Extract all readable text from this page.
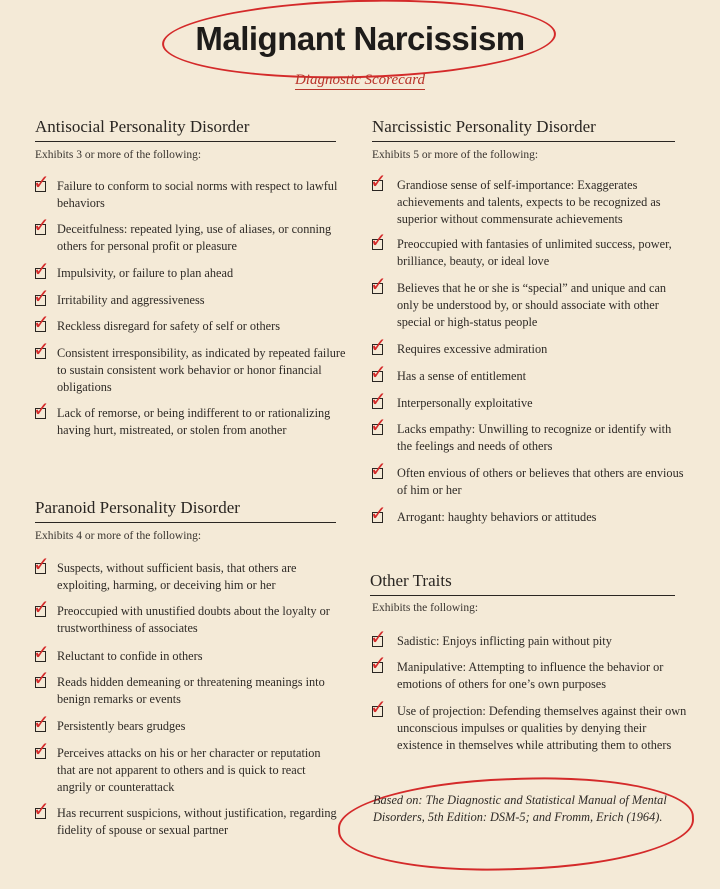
Malignant Narcissism
Diagnostic Scorecard
Antisocial Personality Disorder
Exhibits 3 or more of the following:
Paranoid Personality Disorder
Exhibits 4 or more of the following:
Narcissistic Personality Disorder
Exhibits 5 or more of the following:
Other Traits
Exhibits the following:
Based on: The Diagnostic and Statistical Manual of Mental Disorders, 5th Edition: DSM-5; and Fromm, Erich (1964).
✓ Failure to conform to social norms with respect to lawful behaviors
✓ Deceitfulness: repeated lying, use of aliases, or conning others for personal profit or pleasure
✓ Impulsivity, or failure to plan ahead
✓ Irritability and aggressiveness
✓ Reckless disregard for safety of self or others
✓ Consistent irresponsibility, as indicated by repeated failure to sustain consistent work behavior or honor financial obligations
✓ Lack of remorse, or being indifferent to or rationalizing having hurt, mistreated, or stolen from another
✓ Suspects, without sufficient basis, that others are exploiting, harming, or deceiving him or her
✓ Preoccupied with unustified doubts about the loyalty or trustworthiness of associates
✓ Reluctant to confide in others
✓ Reads hidden demeaning or threatening meanings into benign remarks or events
✓ Persistently bears grudges
✓ Perceives attacks on his or her character or reputation that are not apparent to others and is quick to react angrily or counterattack
✓ Has recurrent suspicions, without justification, regarding fidelity of spouse or sexual partner
✓ Grandiose sense of self-importance: Exaggerates achievements and talents, expects to be recognized as superior without commensurate achievements
✓ Preoccupied with fantasies of unlimited success, power, brilliance, beauty, or ideal love
✓ Believes that he or she is “special” and unique and can only be understood by, or should associate with other special or high-status people
✓ Requires excessive admiration
✓ Has a sense of entitlement
✓ Interpersonally exploitative
✓ Lacks empathy: Unwilling to recognize or identify with the feelings and needs of others
✓ Often envious of others or believes that others are envious of him or her
✓ Arrogant: haughty behaviors or attitudes
✓ Sadistic: Enjoys inflicting pain without pity
✓ Manipulative: Attempting to influence the behavior or emotions of others for one’s own purposes
✓ Use of projection: Defending themselves against their own unconscious impulses or qualities by denying their existence in themselves while attributing them to others
